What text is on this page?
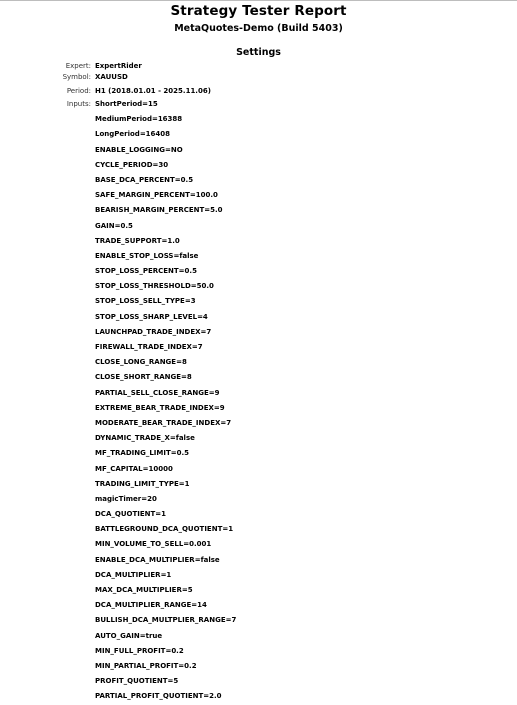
Strategy Tester Report
MetaQuotes-Demo (Build 5403)
Settings
Expert: ExpertRider
Symbol: XAUUSD
Period: H1 (2018.01.01 - 2025.11.06)
Inputs: ShortPeriod=15
MediumPeriod=16388
LongPeriod=16408
ENABLE_LOGGING=NO
CYCLE_PERIOD=30
BASE_DCA_PERCENT=0.5
SAFE_MARGIN_PERCENT=100.0
BEARISH_MARGIN_PERCENT=5.0
GAIN=0.5
TRADE_SUPPORT=1.0
ENABLE_STOP_LOSS=false
STOP_LOSS_PERCENT=0.5
STOP_LOSS_THRESHOLD=50.0
STOP_LOSS_SELL_TYPE=3
STOP_LOSS_SHARP_LEVEL=4
LAUNCHPAD_TRADE_INDEX=7
FIREWALL_TRADE_INDEX=7
CLOSE_LONG_RANGE=8
CLOSE_SHORT_RANGE=8
PARTIAL_SELL_CLOSE_RANGE=9
EXTREME_BEAR_TRADE_INDEX=9
MODERATE_BEAR_TRADE_INDEX=7
DYNAMIC_TRADE_X=false
MF_TRADING_LIMIT=0.5
MF_CAPITAL=10000
TRADING_LIMIT_TYPE=1
magicTimer=20
DCA_QUOTIENT=1
BATTLEGROUND_DCA_QUOTIENT=1
MIN_VOLUME_TO_SELL=0.001
ENABLE_DCA_MULTIPLIER=false
DCA_MULTIPLIER=1
MAX_DCA_MULTIPLIER=5
DCA_MULTIPLIER_RANGE=14
BULLISH_DCA_MULTPLIER_RANGE=7
AUTO_GAIN=true
MIN_FULL_PROFIT=0.2
MIN_PARTIAL_PROFIT=0.2
PROFIT_QUOTIENT=5
PARTIAL_PROFIT_QUOTIENT=2.0
